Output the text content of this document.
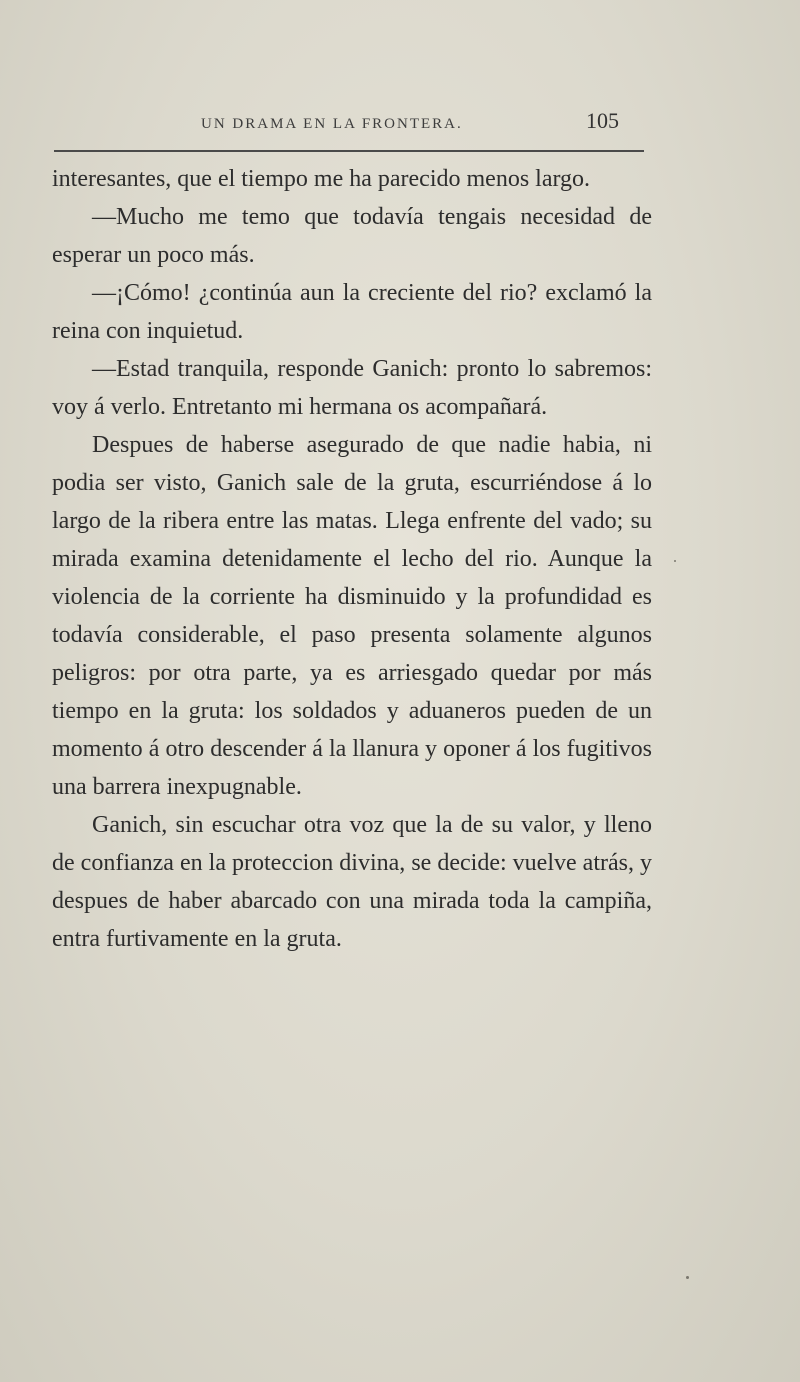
UN DRAMA EN LA FRONTERA.	105

interesantes, que el tiempo me ha parecido menos largo.

—Mucho me temo que todavía tengais necesidad de esperar un poco más.

—¡Cómo! ¿continúa aun la creciente del rio? exclamó la reina con inquietud.

—Estad tranquila, responde Ganich: pronto lo sabremos: voy á verlo. Entretanto mi hermana os acompañará.

Despues de haberse asegurado de que nadie habia, ni podia ser visto, Ganich sale de la gruta, escurriéndose á lo largo de la ribera entre las matas. Llega enfrente del vado; su mirada examina detenidamente el lecho del rio. Aunque la violencia de la corriente ha disminuido y la profundidad es todavía considerable, el paso presenta solamente algunos peligros: por otra parte, ya es arriesgado quedar por más tiempo en la gruta: los soldados y aduaneros pueden de un momento á otro descender á la llanura y oponer á los fugitivos una barrera inexpugnable.

Ganich, sin escuchar otra voz que la de su valor, y lleno de confianza en la proteccion divina, se decide: vuelve atrás, y despues de haber abarcado con una mirada toda la campiña, entra furtivamente en la gruta.
